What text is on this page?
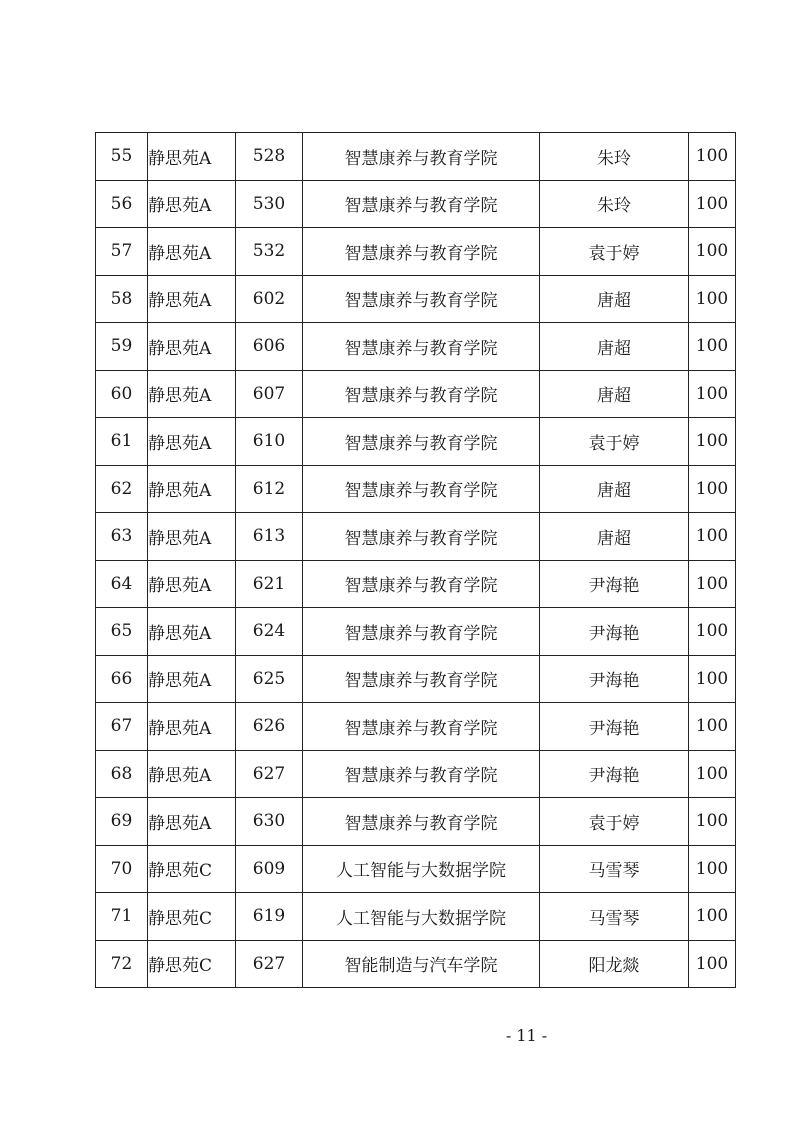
55	静思苑A	528	智慧康养与教育学院	朱玲	100
56	静思苑A	530	智慧康养与教育学院	朱玲	100
57	静思苑A	532	智慧康养与教育学院	袁于婷	100
58	静思苑A	602	智慧康养与教育学院	唐超	100
59	静思苑A	606	智慧康养与教育学院	唐超	100
60	静思苑A	607	智慧康养与教育学院	唐超	100
61	静思苑A	610	智慧康养与教育学院	袁于婷	100
62	静思苑A	612	智慧康养与教育学院	唐超	100
63	静思苑A	613	智慧康养与教育学院	唐超	100
64	静思苑A	621	智慧康养与教育学院	尹海艳	100
65	静思苑A	624	智慧康养与教育学院	尹海艳	100
66	静思苑A	625	智慧康养与教育学院	尹海艳	100
67	静思苑A	626	智慧康养与教育学院	尹海艳	100
68	静思苑A	627	智慧康养与教育学院	尹海艳	100
69	静思苑A	630	智慧康养与教育学院	袁于婷	100
70	静思苑C	609	人工智能与大数据学院	马雪琴	100
71	静思苑C	619	人工智能与大数据学院	马雪琴	100
72	静思苑C	627	智能制造与汽车学院	阳龙燚	100
- 11 -
